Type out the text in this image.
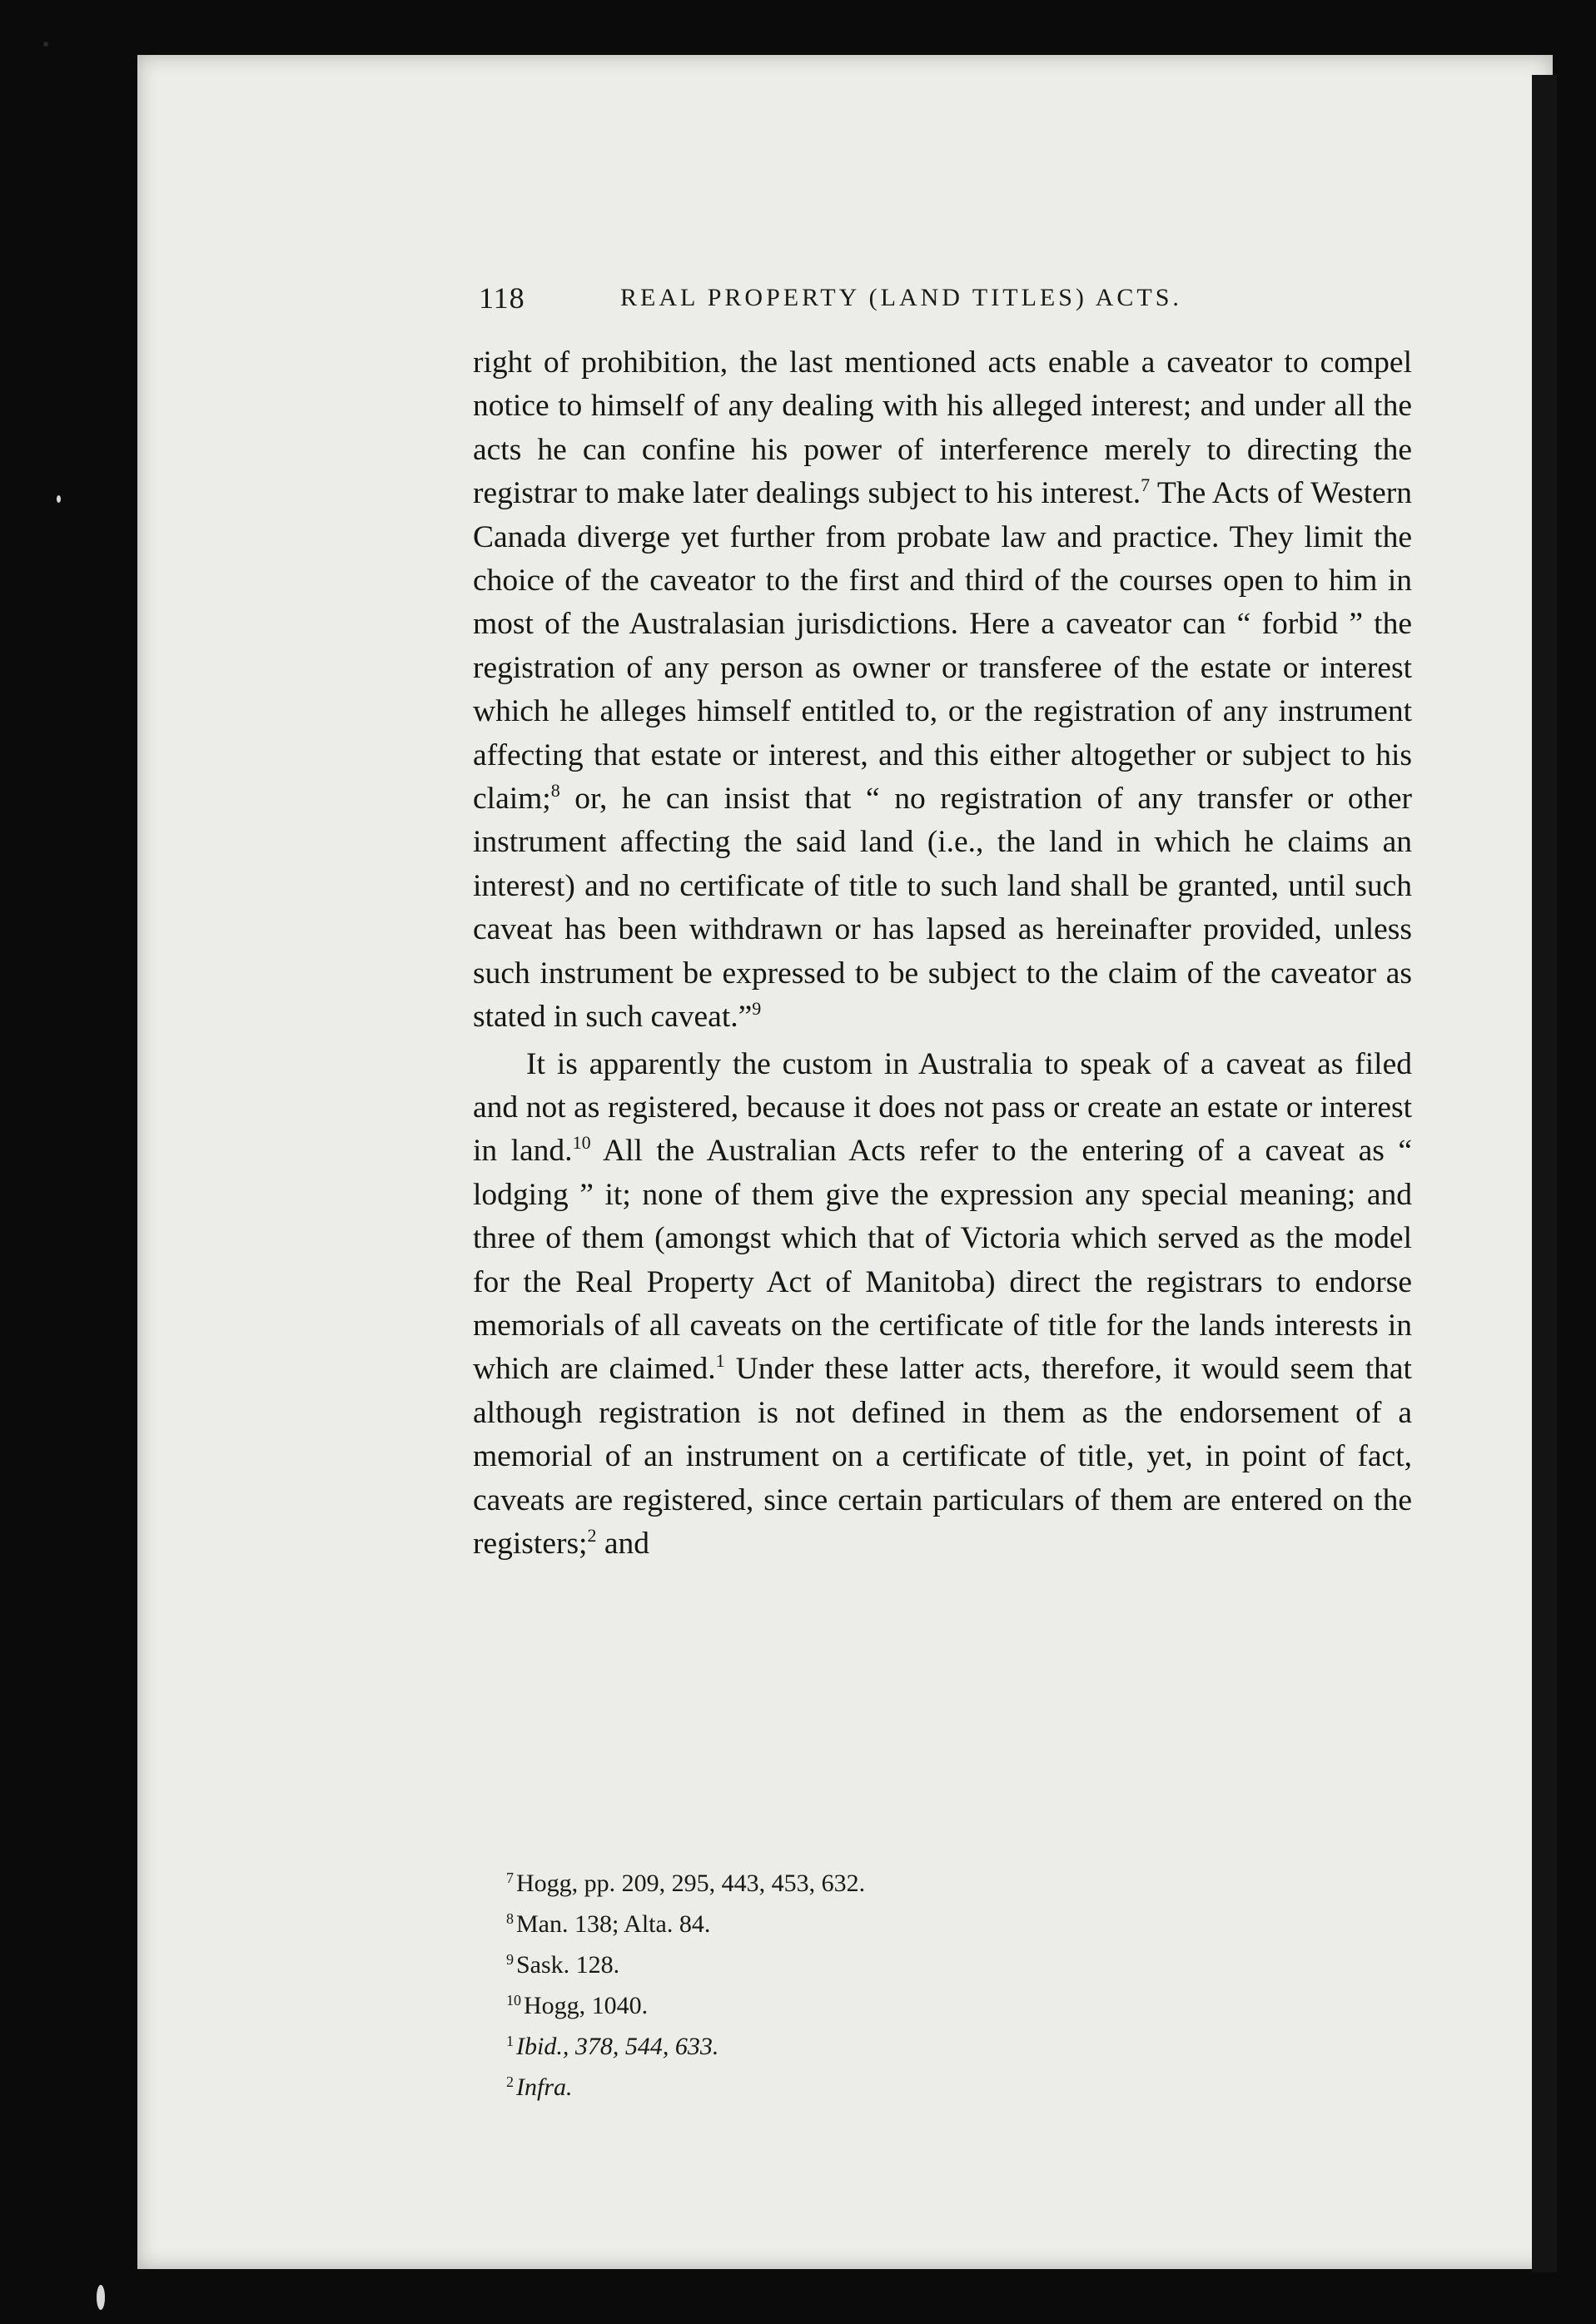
118	REAL PROPERTY (LAND TITLES) ACTS.

right of prohibition, the last mentioned acts enable a caveator to compel notice to himself of any dealing with his alleged interest; and under all the acts he can confine his power of interference merely to directing the registrar to make later dealings subject to his interest.$^7$ The Acts of Western Canada diverge yet further from probate law and practice. They limit the choice of the caveator to the first and third of the courses open to him in most of the Australasian jurisdictions. Here a caveator can “ forbid ” the registration of any person as owner or transferee of the estate or interest which he alleges himself entitled to, or the registration of any instrument affecting that estate or interest, and this either altogether or subject to his claim;$^8$ or, he can insist that “ no registration of any transfer or other instrument affecting the said land (i.e., the land in which he claims an interest) and no certificate of title to such land shall be granted, until such caveat has been withdrawn or has lapsed as hereinafter provided, unless such instrument be expressed to be subject to the claim of the caveator as stated in such caveat.”$^9$

It is apparently the custom in Australia to speak of a caveat as filed and not as registered, because it does not pass or create an estate or interest in land.$^{10}$ All the Australian Acts refer to the entering of a caveat as “ lodging ” it; none of them give the expression any special meaning; and three of them (amongst which that of Victoria which served as the model for the Real Property Act of Manitoba) direct the registrars to endorse memorials of all caveats on the certificate of title for the lands interests in which are claimed.$^1$ Under these latter acts, therefore, it would seem that although registration is not defined in them as the endorsement of a memorial of an instrument on a certificate of title, yet, in point of fact, caveats are registered, since certain particulars of them are entered on the registers;$^2$ and

$^7$ Hogg, pp. 209, 295, 443, 453, 632.
$^8$ Man. 138; Alta. 84.
$^9$ Sask. 128.
$^{10}$ Hogg, 1040.
$^1$ Ibid., 378, 544, 633.
$^2$ Infra.
